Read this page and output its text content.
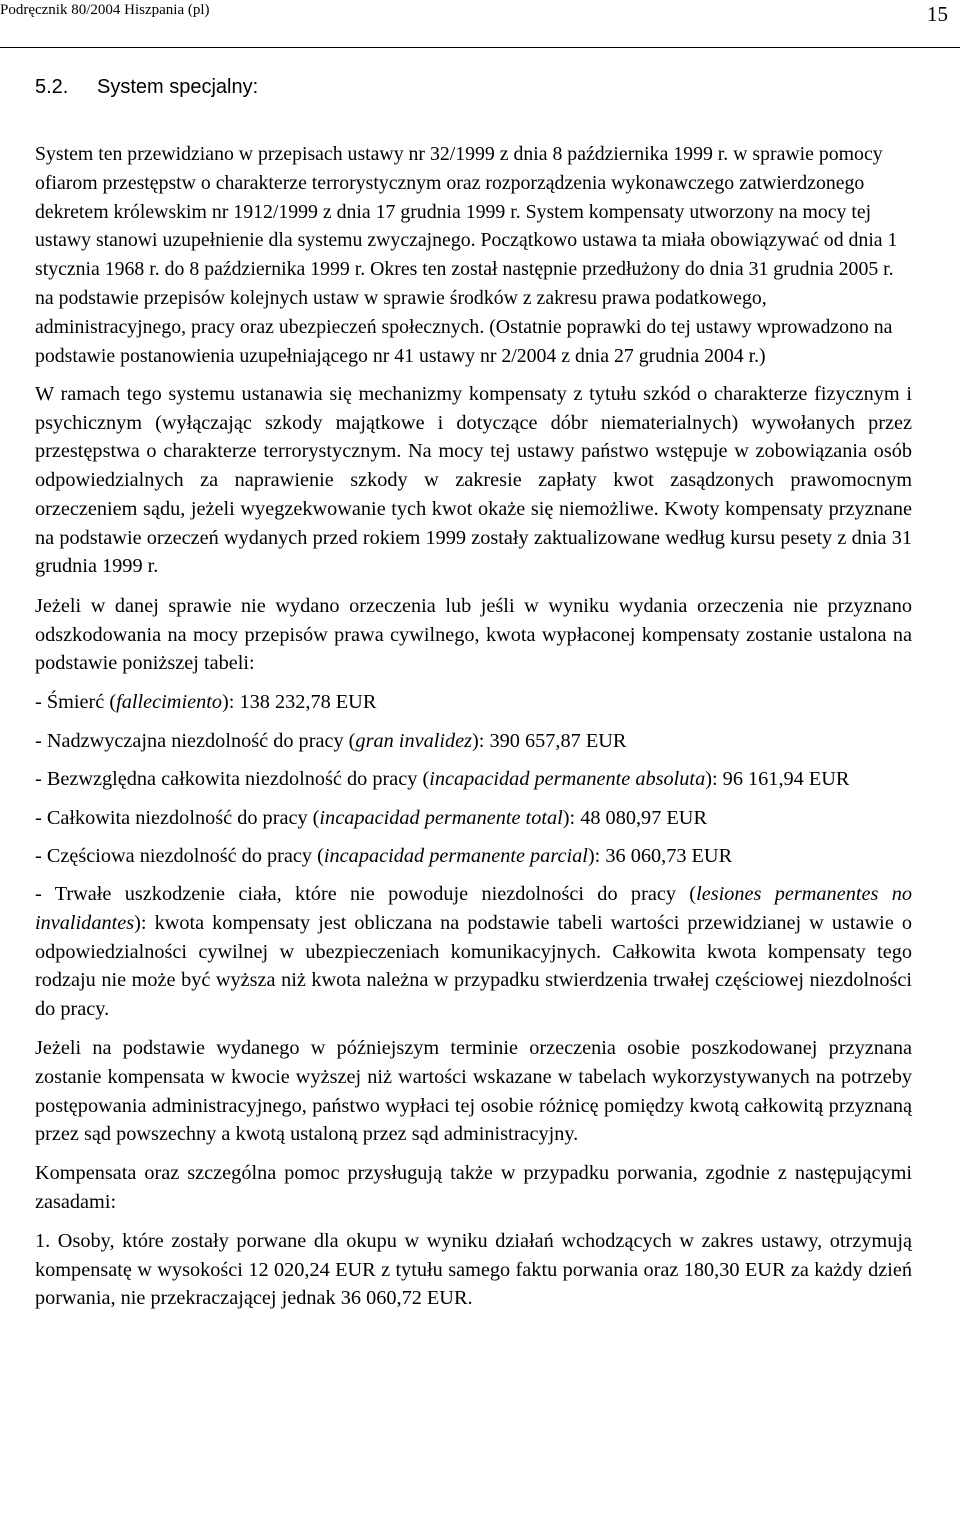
Podręcznik 80/2004 Hiszpania (pl)	15
5.2. System specjalny:

System ten przewidziano w przepisach ustawy nr 32/1999 z dnia 8 października 1999 r. w sprawie pomocy ofiarom przestępstw o charakterze terrorystycznym oraz rozporządzenia wykonawczego zatwierdzonego dekretem królewskim nr 1912/1999 z dnia 17 grudnia 1999 r. System kompensaty utworzony na mocy tej ustawy stanowi uzupełnienie dla systemu zwyczajnego. Początkowo ustawa ta miała obowiązywać od dnia 1 stycznia 1968 r. do 8 października 1999 r. Okres ten został następnie przedłużony do dnia 31 grudnia 2005 r. na podstawie przepisów kolejnych ustaw w sprawie środków z zakresu prawa podatkowego, administracyjnego, pracy oraz ubezpieczeń społecznych. (Ostatnie poprawki do tej ustawy wprowadzono na podstawie postanowienia uzupełniającego nr 41 ustawy nr 2/2004 z dnia 27 grudnia 2004 r.)

W ramach tego systemu ustanawia się mechanizmy kompensaty z tytułu szkód o charakterze fizycznym i psychicznym (wyłączając szkody majątkowe i dotyczące dóbr niematerialnych) wywołanych przez przestępstwa o charakterze terrorystycznym. Na mocy tej ustawy państwo wstępuje w zobowiązania osób odpowiedzialnych za naprawienie szkody w zakresie zapłaty kwot zasądzonych prawomocnym orzeczeniem sądu, jeżeli wyegzekwowanie tych kwot okaże się niemożliwe. Kwoty kompensaty przyznane na podstawie orzeczeń wydanych przed rokiem 1999 zostały zaktualizowane według kursu pesety z dnia 31 grudnia 1999 r.

Jeżeli w danej sprawie nie wydano orzeczenia lub jeśli w wyniku wydania orzeczenia nie przyznano odszkodowania na mocy przepisów prawa cywilnego, kwota wypłaconej kompensaty zostanie ustalona na podstawie poniższej tabeli:

- Śmierć (fallecimiento): 138 232,78 EUR

- Nadzwyczajna niezdolność do pracy (gran invalidez): 390 657,87 EUR

- Bezwzględna całkowita niezdolność do pracy (incapacidad permanente absoluta): 96 161,94 EUR

- Całkowita niezdolność do pracy (incapacidad permanente total): 48 080,97 EUR

- Częściowa niezdolność do pracy (incapacidad permanente parcial): 36 060,73 EUR

- Trwałe uszkodzenie ciała, które nie powoduje niezdolności do pracy (lesiones permanentes no invalidantes): kwota kompensaty jest obliczana na podstawie tabeli wartości przewidzianej w ustawie o odpowiedzialności cywilnej w ubezpieczeniach komunikacyjnych. Całkowita kwota kompensaty tego rodzaju nie może być wyższa niż kwota należna w przypadku stwierdzenia trwałej częściowej niezdolności do pracy.

Jeżeli na podstawie wydanego w późniejszym terminie orzeczenia osobie poszkodowanej przyznana zostanie kompensata w kwocie wyższej niż wartości wskazane w tabelach wykorzystywanych na potrzeby postępowania administracyjnego, państwo wypłaci tej osobie różnicę pomiędzy kwotą całkowitą przyznaną przez sąd powszechny a kwotą ustaloną przez sąd administracyjny.

Kompensata oraz szczególna pomoc przysługują także w przypadku porwania, zgodnie z następującymi zasadami:

1. Osoby, które zostały porwane dla okupu w wyniku działań wchodzących w zakres ustawy, otrzymują kompensatę w wysokości 12 020,24 EUR z tytułu samego faktu porwania oraz 180,30 EUR za każdy dzień porwania, nie przekraczającej jednak 36 060,72 EUR.
